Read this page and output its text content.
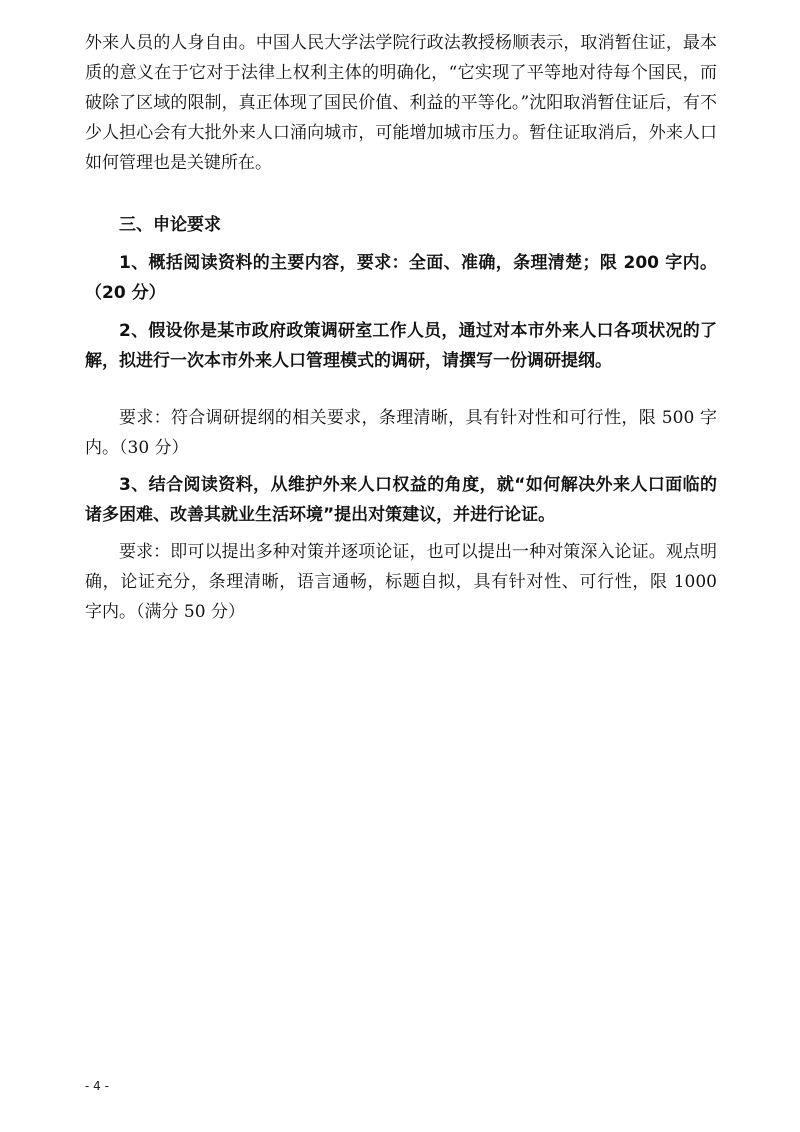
外来人员的人身自由。中国人民大学法学院行政法教授杨顺表示，取消暂住证，最本质的意义在于它对于法律上权利主体的明确化，“它实现了平等地对待每个国民，而破除了区域的限制，真正体现了国民价值、利益的平等化。”沈阳取消暂住证后，有不少人担心会有大批外来人口涌向城市，可能增加城市压力。暂住证取消后，外来人口如何管理也是关键所在。

三、申论要求

1、概括阅读资料的主要内容，要求：全面、准确，条理清楚；限 200 字内。（20 分）

2、假设你是某市政府政策调研室工作人员，通过对本市外来人口各项状况的了解，拟进行一次本市外来人口管理模式的调研，请撰写一份调研提纲。

要求：符合调研提纲的相关要求，条理清晰，具有针对性和可行性，限 500 字内。（30 分）

3、结合阅读资料，从维护外来人口权益的角度，就“如何解决外来人口面临的诸多困难、改善其就业生活环境”提出对策建议，并进行论证。

要求：即可以提出多种对策并逐项论证，也可以提出一种对策深入论证。观点明确，论证充分，条理清晰，语言通畅，标题自拟，具有针对性、可行性，限 1000 字内。（满分 50 分）

- 4 -
